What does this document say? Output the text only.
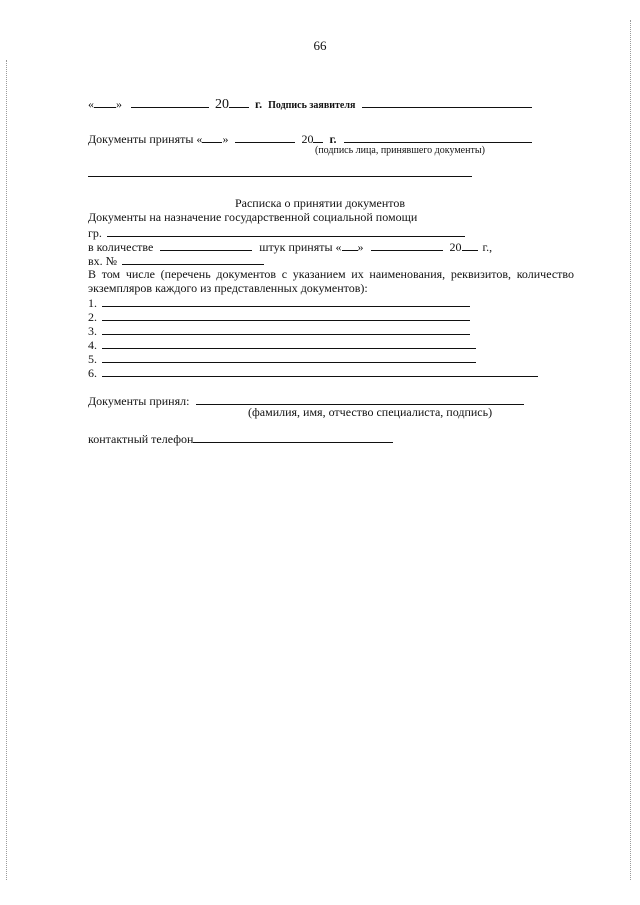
66
« »	20 г. Подпись заявителя
Документы приняты « »	20 г.
(подпись лица, принявшего документы)
Расписка о принятии документов
Документы на назначение государственной социальной помощи
гр.
в количестве	штук приняты « »	20 г.,
вх. №
В том числе (перечень документов с указанием их наименования, реквизитов, количество экземпляров каждого из представленных документов):
1.
2.
3.
4.
5.
6.
Документы принял:
(фамилия, имя, отчество специалиста, подпись)
контактный телефон
